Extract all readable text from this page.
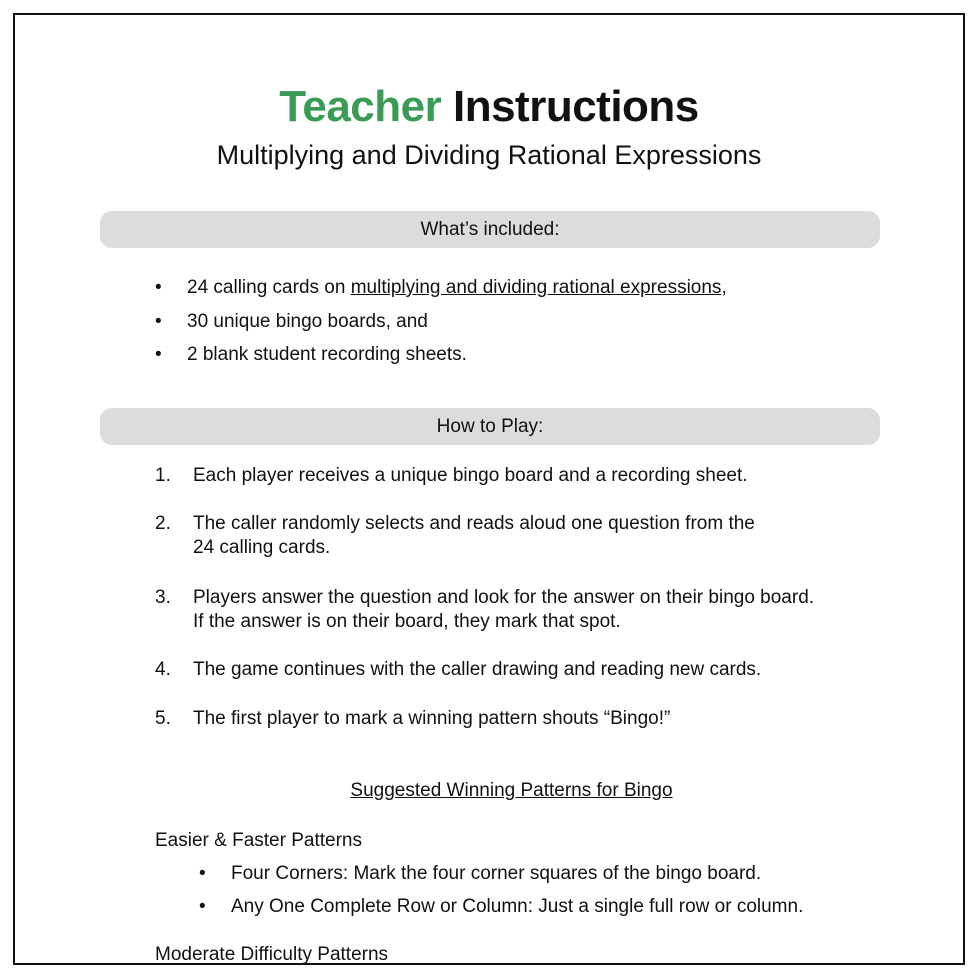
Teacher Instructions
Multiplying and Dividing Rational Expressions
What’s included:
• 24 calling cards on multiplying and dividing rational expressions,
• 30 unique bingo boards, and
• 2 blank student recording sheets.
How to Play:
1. Each player receives a unique bingo board and a recording sheet.
2. The caller randomly selects and reads aloud one question from the
24 calling cards.
3. Players answer the question and look for the answer on their bingo board.
If the answer is on their board, they mark that spot.
4. The game continues with the caller drawing and reading new cards.
5. The first player to mark a winning pattern shouts “Bingo!”
Suggested Winning Patterns for Bingo
Easier & Faster Patterns
• Four Corners: Mark the four corner squares of the bingo board.
• Any One Complete Row or Column: Just a single full row or column.
Moderate Difficulty Patterns
